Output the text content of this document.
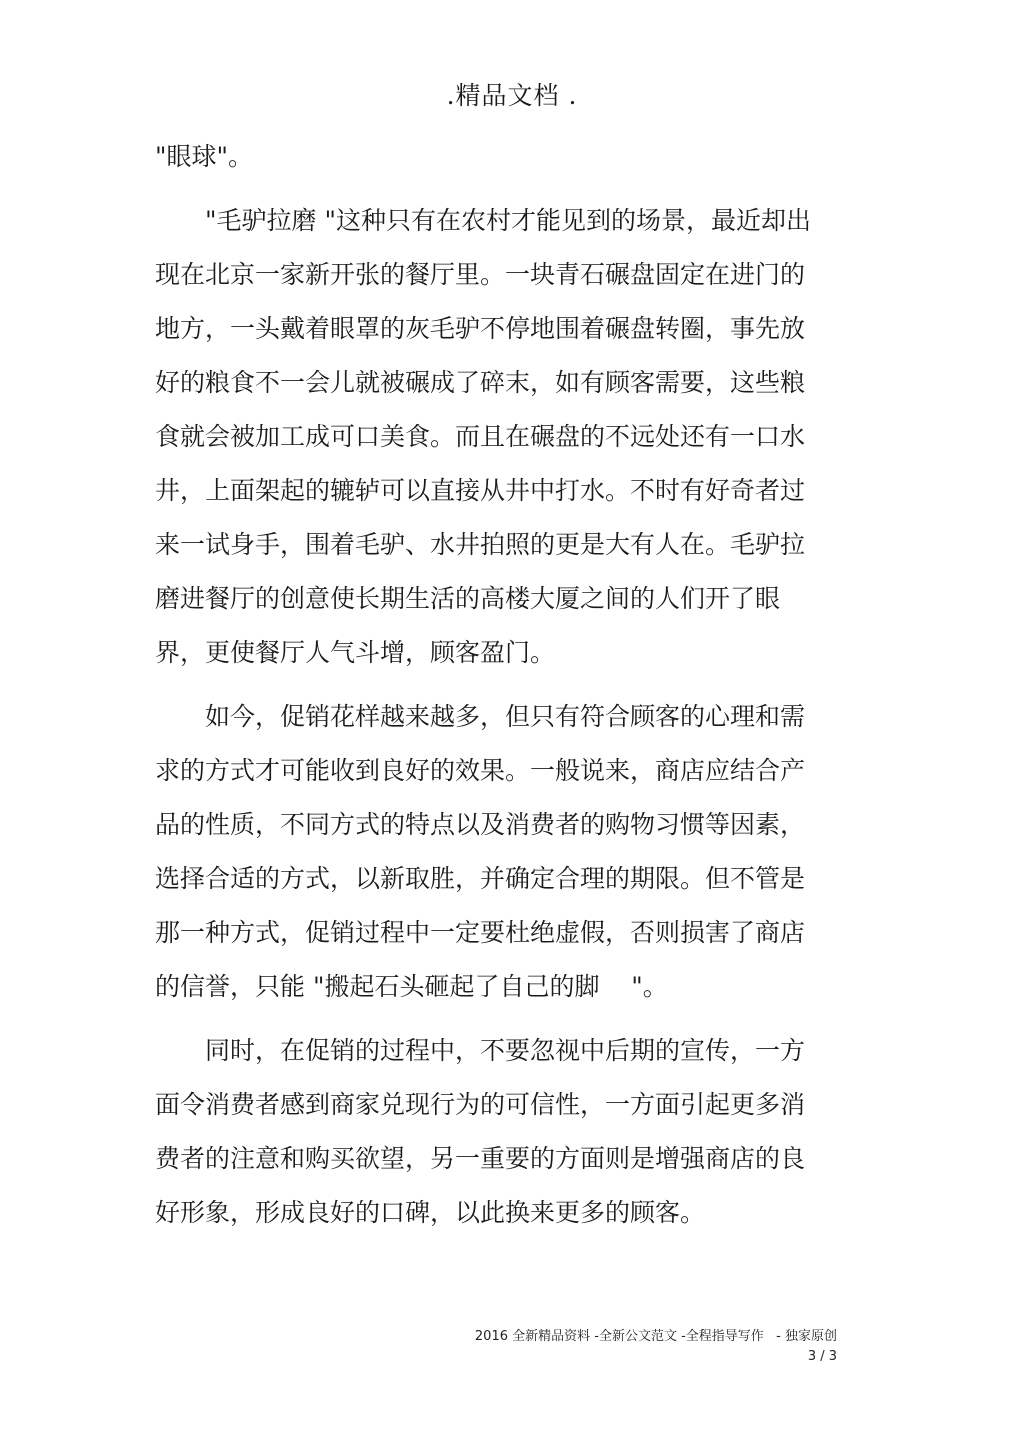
.精品文档 .
"眼球"。
"毛驴拉磨 "这种只有在农村才能见到的场景，最近却出
现在北京一家新开张的餐厅里。一块青石碾盘固定在进门的
地方，一头戴着眼罩的灰毛驴不停地围着碾盘转圈，事先放
好的粮食不一会儿就被碾成了碎末，如有顾客需要，这些粮
食就会被加工成可口美食。而且在碾盘的不远处还有一口水
井，上面架起的辘轳可以直接从井中打水。不时有好奇者过
来一试身手，围着毛驴、水井拍照的更是大有人在。毛驴拉
磨进餐厅的创意使长期生活的高楼大厦之间的人们开了眼
界，更使餐厅人气斗增，顾客盈门。
如今，促销花样越来越多，但只有符合顾客的心理和需
求的方式才可能收到良好的效果。一般说来，商店应结合产
品的性质，不同方式的特点以及消费者的购物习惯等因素，
选择合适的方式，以新取胜，并确定合理的期限。但不管是
那一种方式，促销过程中一定要杜绝虚假，否则损害了商店
的信誉，只能 "搬起石头砸起了自己的脚    "。
同时，在促销的过程中，不要忽视中后期的宣传，一方
面令消费者感到商家兑现行为的可信性，一方面引起更多消
费者的注意和购买欲望，另一重要的方面则是增强商店的良
好形象，形成良好的口碑，以此换来更多的顾客。
2016 全新精品资料 -全新公文范文 -全程指导写作   - 独家原创
3 / 3
